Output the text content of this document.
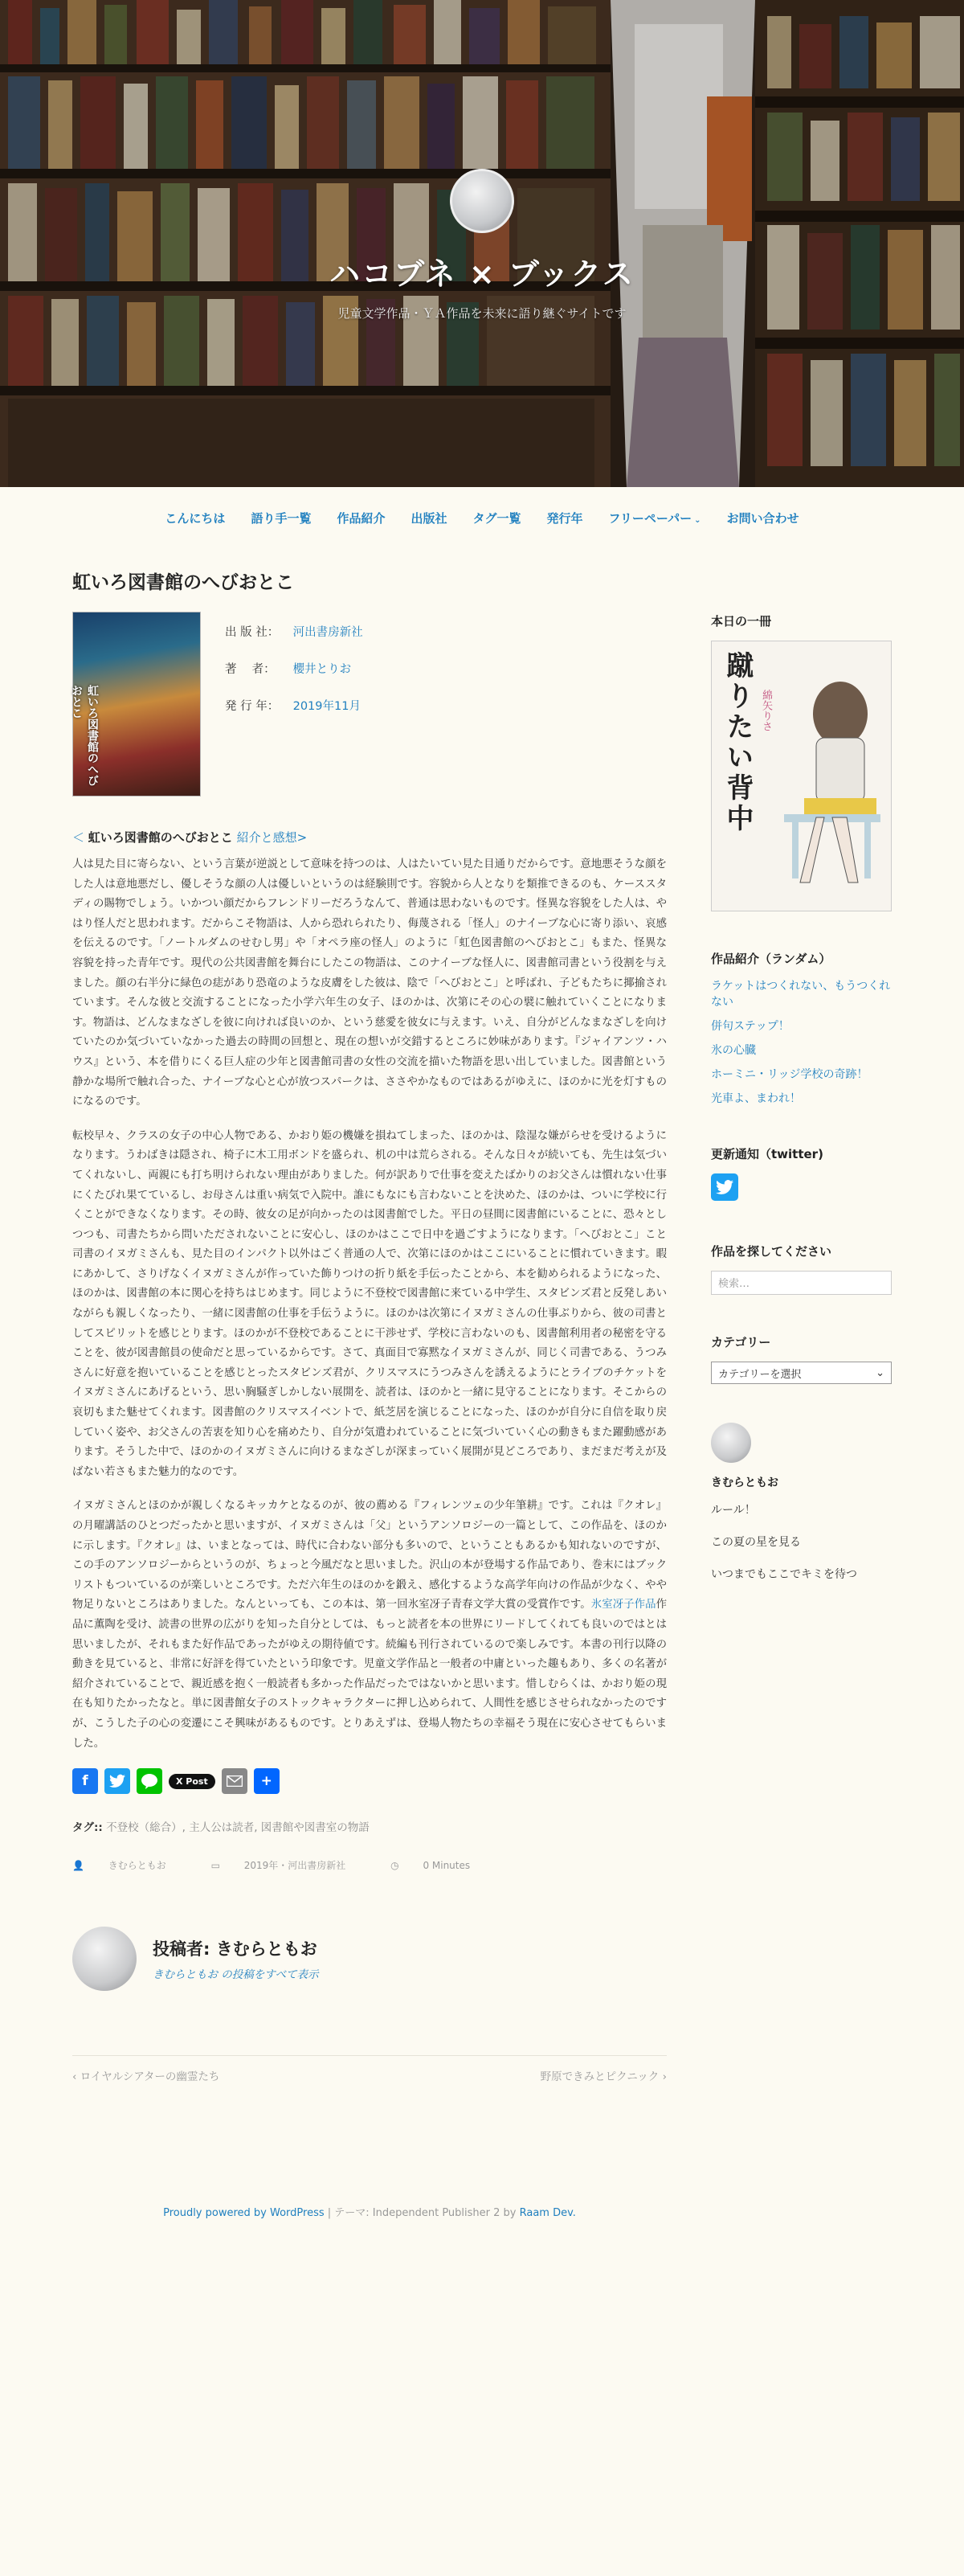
ハコブネ × ブックス
児童文学作品・ＹＡ作品を未来に語り継ぐサイトです
こんにちは 語り手一覧 作品紹介 出版社 タグ一覧 発行年 フリーペーパー ⌄ お問い合わせ
虹いろ図書館のへびおとこ
虹いろ図書館のへびおとこ
出 版 社： 河出書房新社
著　 者： 櫻井とりお
発 行 年： 2019年11月
＜ 虹いろ図書館のへびおとこ 紹介と感想>

人は見た目に寄らない、という言葉が逆説として意味を持つのは、人はたいてい見た目通りだからです。意地悪そうな顔をした人は意地悪だし、優しそうな顔の人は優しいというのは経験則です。容貌から人となりを類推できるのも、ケーススタディの賜物でしょう。いかつい顔だからフレンドリーだろうなんて、普通は思わないものです。怪異な容貌をした人は、やはり怪人だと思われます。だからこそ物語は、人から恐れられたり、侮蔑される「怪人」のナイーブな心に寄り添い、哀感を伝えるのです。「ノートルダムのせむし男」や「オペラ座の怪人」のように「虹色図書館のへびおとこ」もまた、怪異な容貌を持った青年です。現代の公共図書館を舞台にしたこの物語は、このナイーブな怪人に、図書館司書という役割を与えました。顔の右半分に緑色の痣があり恐竜のような皮膚をした彼は、陰で「へびおとこ」と呼ばれ、子どもたちに揶揄されています。そんな彼と交流することになった小学六年生の女子、ほのかは、次第にその心の襞に触れていくことになります。物語は、どんなまなざしを彼に向ければ良いのか、という慈愛を彼女に与えます。いえ、自分がどんなまなざしを向けていたのか気づいていなかった過去の時間の回想と、現在の想いが交錯するところに妙味があります。『ジャイアンツ・ハウス』という、本を借りにくる巨人症の少年と図書館司書の女性の交流を描いた物語を思い出していました。図書館という静かな場所で触れ合った、ナイーブな心と心が放つスパークは、ささやかなものではあるがゆえに、ほのかに光を灯すものになるのです。

転校早々、クラスの女子の中心人物である、かおり姫の機嫌を損ねてしまった、ほのかは、陰湿な嫌がらせを受けるようになります。うわばきは隠され、椅子に木工用ボンドを盛られ、机の中は荒らされる。そんな日々が続いても、先生は気づいてくれないし、両親にも打ち明けられない理由がありました。何が訳ありで仕事を変えたばかりのお父さんは慣れない仕事にくたびれ果てているし、お母さんは重い病気で入院中。誰にもなにも言わないことを決めた、ほのかは、ついに学校に行くことができなくなります。その時、彼女の足が向かったのは図書館でした。平日の昼間に図書館にいることに、恐々としつつも、司書たちから問いただされないことに安心し、ほのかはここで日中を過ごすようになります。「へびおとこ」こと司書のイヌガミさんも、見た目のインパクト以外はごく普通の人で、次第にほのかはここにいることに慣れていきます。暇にあかして、さりげなくイヌガミさんが作っていた飾りつけの折り紙を手伝ったことから、本を勧められるようになった、ほのかは、図書館の本に関心を持ちはじめます。同じように不登校で図書館に来ている中学生、スタビンズ君と反発しあいながらも親しくなったり、一緒に図書館の仕事を手伝うように。ほのかは次第にイヌガミさんの仕事ぶりから、彼の司書としてスピリットを感じとります。ほのかが不登校であることに干渉せず、学校に言わないのも、図書館利用者の秘密を守ることを、彼が図書館員の使命だと思っているからです。さて、真面目で寡黙なイヌガミさんが、同じく司書である、うつみさんに好意を抱いていることを感じとったスタビンズ君が、クリスマスにうつみさんを誘えるようにとライブのチケットをイヌガミさんにあげるという、思い胸騒ぎしかしない展開を、読者は、ほのかと一緒に見守ることになります。そこからの哀切もまた魅せてくれます。図書館のクリスマスイベントで、紙芝居を演じることになった、ほのかが自分に自信を取り戻していく姿や、お父さんの苦衷を知り心を痛めたり、自分が気遣われていることに気づいていく心の動きもまた躍動感があります。そうした中で、ほのかのイヌガミさんに向けるまなざしが深まっていく展開が見どころであり、まだまだ考えが及ばない若さもまた魅力的なのです。

イヌガミさんとほのかが親しくなるキッカケとなるのが、彼の薦める『フィレンツェの少年筆耕』です。これは『クオレ』の月曜講話のひとつだったかと思いますが、イヌガミさんは「父」というアンソロジーの一篇として、この作品を、ほのかに示します。『クオレ』は、いまとなっては、時代に合わない部分も多いので、ということもあるかも知れないのですが、この手のアンソロジーからというのが、ちょっと今風だなと思いました。沢山の本が登場する作品であり、巻末にはブックリストもついているのが楽しいところです。ただ六年生のほのかを鍛え、感化するような高学年向けの作品が少なく、やや物足りないところはありました。なんといっても、この本は、第一回氷室冴子青春文学大賞の受賞作です。氷室冴子作品作品に薫陶を受け、読書の世界の広がりを知った自分としては、もっと読者を本の世界にリードしてくれても良いのではとは思いましたが、それもまた好作品であったがゆえの期待値です。続編も刊行されているので楽しみです。本書の刊行以降の動きを見ていると、非常に好評を得ていたという印象です。児童文学作品と一般者の中庸といった趣もあり、多くの名著が紹介されていることで、親近感を抱く一般読者も多かった作品だったではないかと思います。惜しむらくは、かおり姫の現在も知りたかったなと。単に図書館女子のストックキャラクターに押し込められて、人間性を感じさせられなかったのですが、こうした子の心の変遷にこそ興味があるものです。とりあえずは、登場人物たちの幸福そう現在に安心させてもらいました。

f	X Post	+
タグ:: 不登校（総合）, 主人公は読者, 図書館や図書室の物語
👤 きむらともお	▭ 2019年・河出書房新社	◷ 0 Minutes
投稿者: きむらともお
きむらともお の投稿をすべて表示
‹ ロイヤルシアターの幽霊たち	野原できみとピクニック ›
Proudly powered by WordPress | テーマ: Independent Publisher 2 by Raam Dev.
本日の一冊
蹴りたい背中 綿矢りさ
作品紹介（ランダム）
ラケットはつくれない、もうつくれない
併句ステップ！
氷の心臓
ホーミニ・リッジ学校の奇跡！
光車よ、まわれ！
更新通知（twitter)
作品を探してください
検索…
カテゴリー
カテゴリーを選択	⌄
きむらともお
ルール！
この夏の星を見る
いつまでもここでキミを待つ
